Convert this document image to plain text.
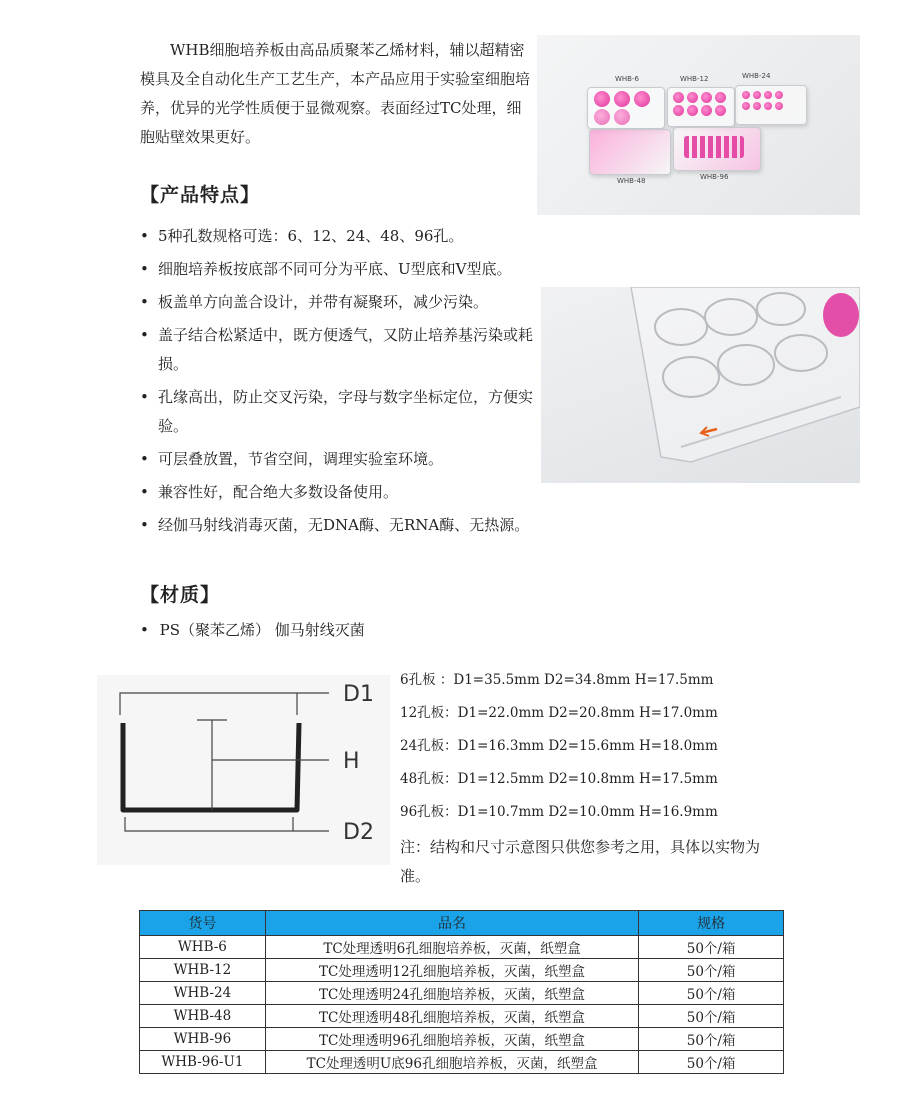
WHB细胞培养板由高品质聚苯乙烯材料，辅以超精密模具及全自动化生产工艺生产，本产品应用于实验室细胞培养，优异的光学性质便于显微观察。表面经过TC处理，细胞贴壁效果更好。

WHB-6	WHB-12	WHB-24
WHB-48	WHB-96
【产品特点】
• 5种孔数规格可选：6、12、24、48、96孔。
• 细胞培养板按底部不同可分为平底、U型底和V型底。
• 板盖单方向盖合设计，并带有凝聚环，减少污染。
• 盖子结合松紧适中，既方便透气，又防止培养基污染或耗损。
• 孔缘高出，防止交叉污染，字母与数字坐标定位，方便实验。
• 可层叠放置，节省空间，调理实验室环境。
• 兼容性好，配合绝大多数设备使用。
• 经伽马射线消毒灭菌，无DNA酶、无RNA酶、无热源。
【材质】
• PS（聚苯乙烯） 伽马射线灭菌
D1
H
D2
6孔板 ：D1=35.5mm D2=34.8mm H=17.5mm
12孔板：D1=22.0mm D2=20.8mm H=17.0mm
24孔板：D1=16.3mm D2=15.6mm H=18.0mm
48孔板：D1=12.5mm D2=10.8mm H=17.5mm
96孔板：D1=10.7mm D2=10.0mm H=16.9mm
注：结构和尺寸示意图只供您参考之用，具体以实物为准。
货号	品名	规格
WHB-6	TC处理透明6孔细胞培养板，灭菌，纸塑盒	50个/箱
WHB-12	TC处理透明12孔细胞培养板，灭菌，纸塑盒	50个/箱
WHB-24	TC处理透明24孔细胞培养板，灭菌，纸塑盒	50个/箱
WHB-48	TC处理透明48孔细胞培养板，灭菌，纸塑盒	50个/箱
WHB-96	TC处理透明96孔细胞培养板，灭菌，纸塑盒	50个/箱
WHB-96-U1	TC处理透明U底96孔细胞培养板，灭菌，纸塑盒	50个/箱
